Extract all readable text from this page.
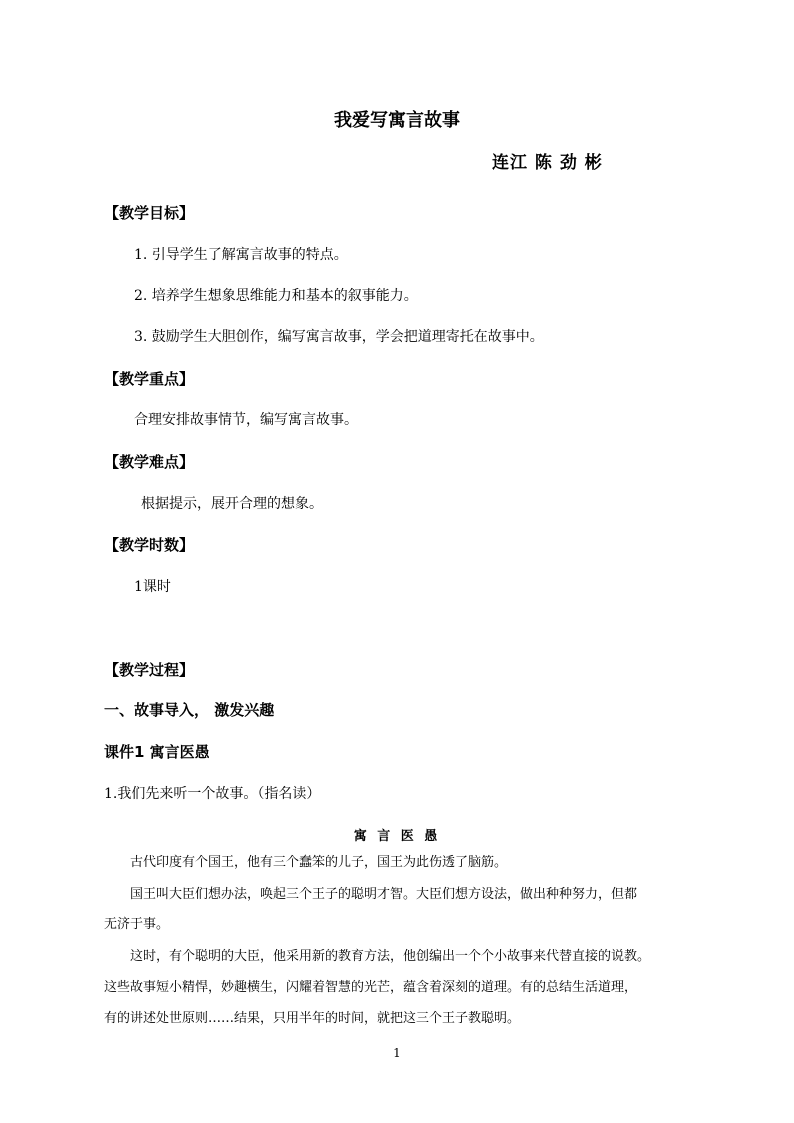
我爱写寓言故事
连江 陈 劲 彬
【教学目标】
1. 引导学生了解寓言故事的特点。
2. 培养学生想象思维能力和基本的叙事能力。
3. 鼓励学生大胆创作，编写寓言故事，学会把道理寄托在故事中。
【教学重点】
合理安排故事情节，编写寓言故事。
【教学难点】
根据提示，展开合理的想象。
【教学时数】
1课时
【教学过程】
一、故事导入， 激发兴趣
课件1 寓言医愚
1.我们先来听一个故事。（指名读）
寓 言 医 愚
古代印度有个国王，他有三个蠢笨的儿子，国王为此伤透了脑筋。
国王叫大臣们想办法，唤起三个王子的聪明才智。大臣们想方设法，做出种种努力，但都
无济于事。
这时，有个聪明的大臣，他采用新的教育方法，他创编出一个个小故事来代替直接的说教。
这些故事短小精悍，妙趣横生，闪耀着智慧的光芒，蕴含着深刻的道理。有的总结生活道理，
有的讲述处世原则……结果，只用半年的时间，就把这三个王子教聪明。
1
